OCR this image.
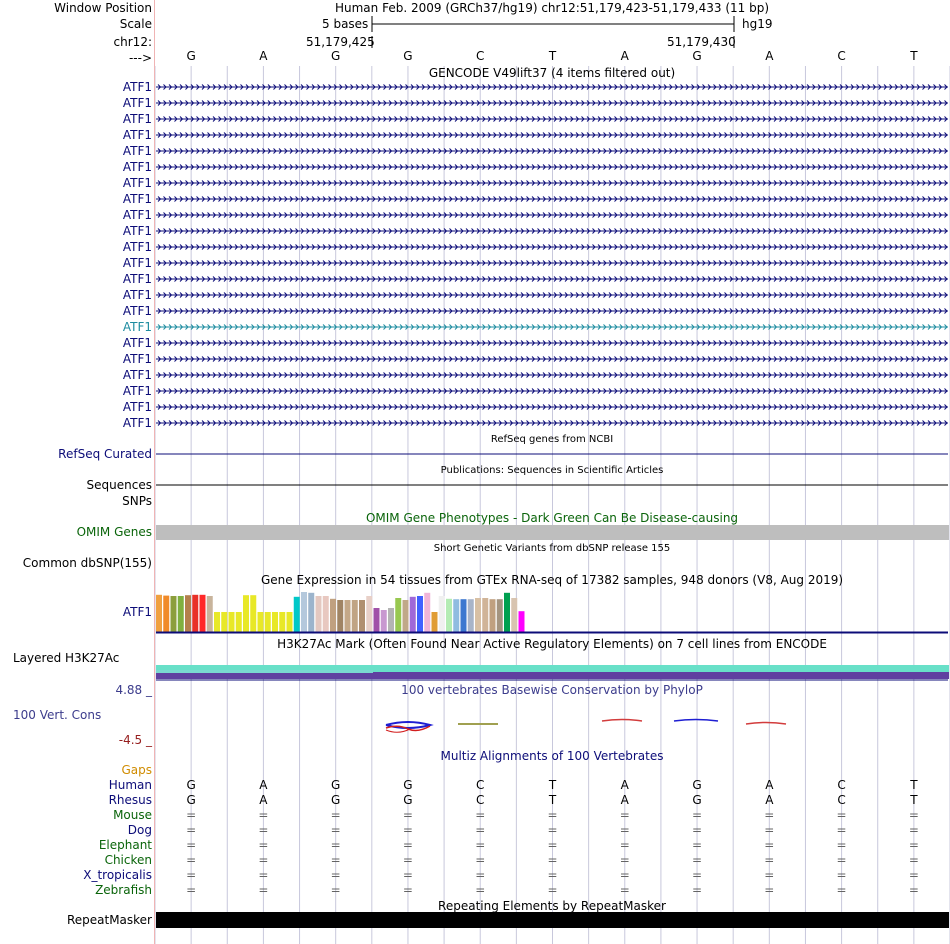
Window Position
Scale
chr12:
--->
Human Feb. 2009 (GRCh37/hg19) chr12:51,179,423-51,179,433 (11 bp)
5 bases	hg19
51,179,425	51,179,430
G	A	G	G	C	T	A	G	A	C	T
GENCODE V49lift37 (4 items filtered out)
ATF1
ATF1
ATF1
ATF1
ATF1
ATF1
ATF1
ATF1
ATF1
ATF1
ATF1
ATF1
ATF1
ATF1
ATF1
ATF1
ATF1
ATF1
ATF1
ATF1
ATF1
ATF1
RefSeq genes from NCBI
RefSeq Curated
Publications: Sequences in Scientific Articles
Sequences
SNPs
OMIM Gene Phenotypes - Dark Green Can Be Disease-causing
OMIM Genes
Short Genetic Variants from dbSNP release 155
Common dbSNP(155)
Gene Expression in 54 tissues from GTEx RNA-seq of 17382 samples, 948 donors (V8, Aug 2019)
ATF1
H3K27Ac Mark (Often Found Near Active Regulatory Elements) on 7 cell lines from ENCODE
Layered H3K27Ac
4.88 _	100 vertebrates Basewise Conservation by PhyloP
100 Vert. Cons
-4.5 _
Multiz Alignments of 100 Vertebrates
Gaps
Human	G	A	G	G	C	T	A	G	A	C	T
Rhesus	G	A	G	G	C	T	A	G	A	C	T
Mouse	=	=	=	=	=	=	=	=	=	=	=
Dog	=	=	=	=	=	=	=	=	=	=	=
Elephant	=	=	=	=	=	=	=	=	=	=	=
Chicken	=	=	=	=	=	=	=	=	=	=	=
X_tropicalis	=	=	=	=	=	=	=	=	=	=	=
Zebrafish	=	=	=	=	=	=	=	=	=	=	=
Repeating Elements by RepeatMasker
RepeatMasker
